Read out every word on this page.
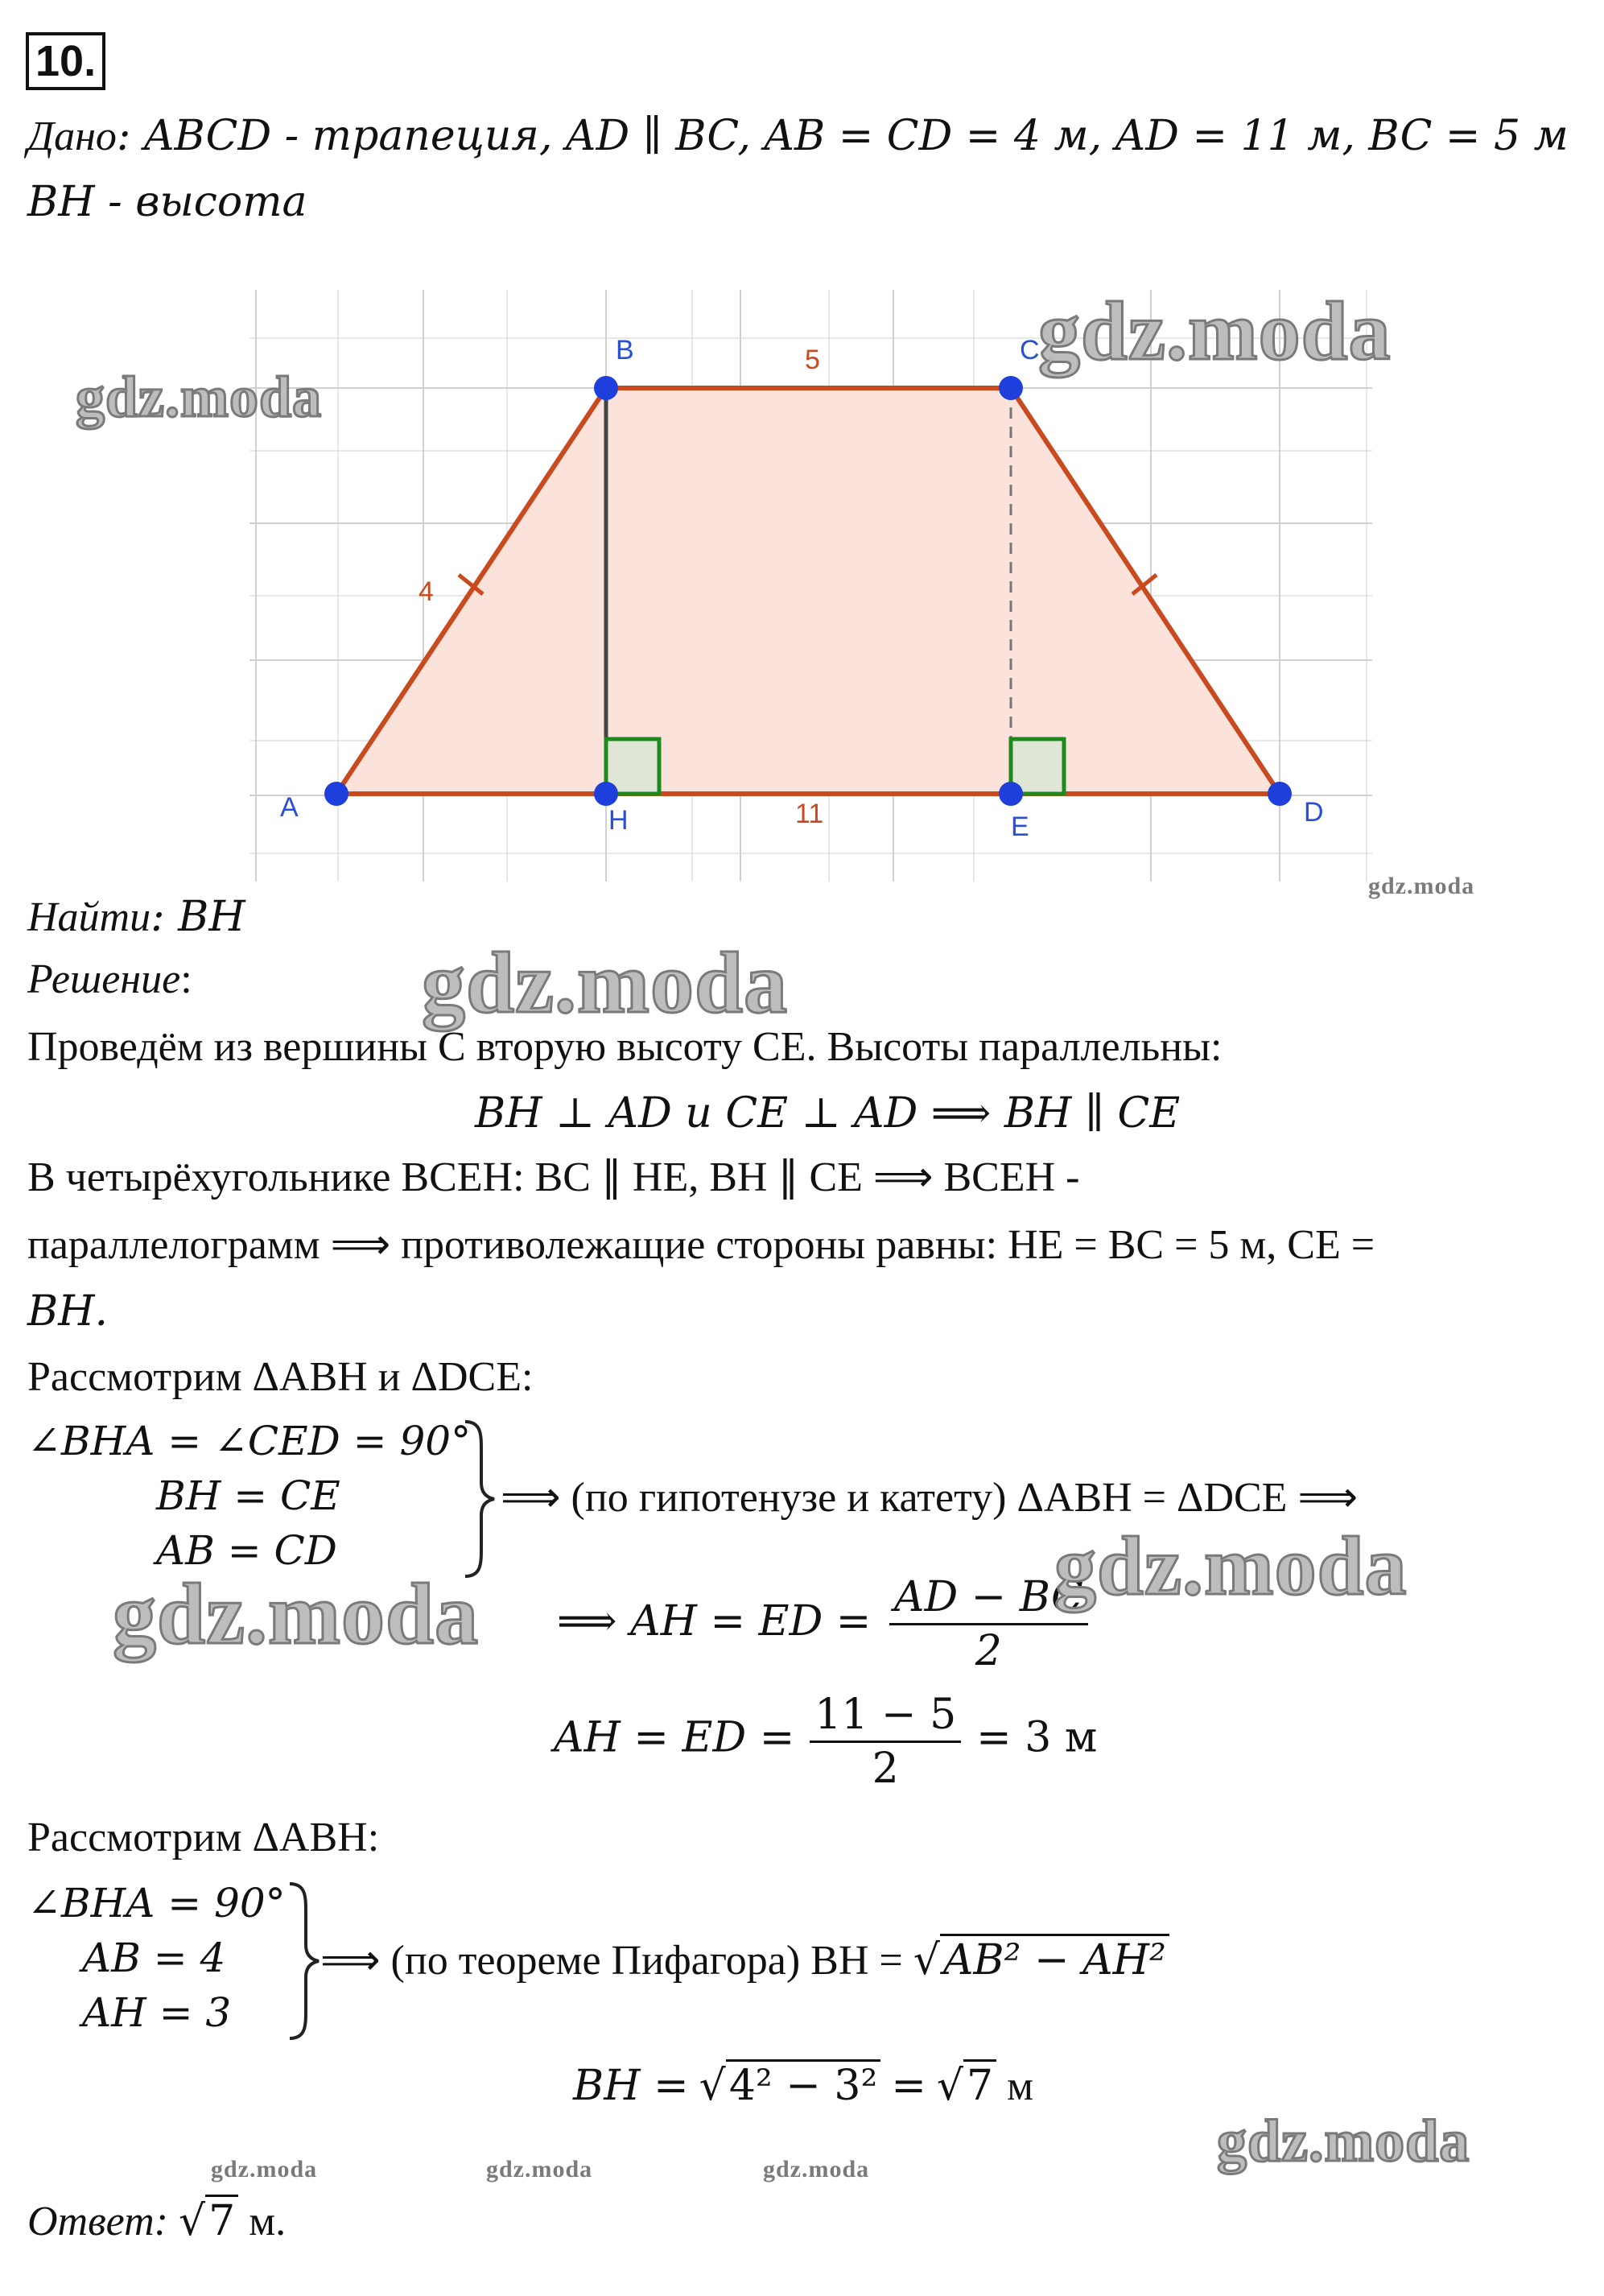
10.
Дано: ABCD - трапеция, AD ∥ BC, AB = CD = 4 м, AD = 11 м, BC = 5 м
BH - высота
A
B	C
D
H	E
4
5
11
Найти: BH
Решение:
Проведём из вершины C вторую высоту CE. Высоты параллельны:
BH ⊥ AD и CE ⊥ AD ⟹ BH ∥ CE
В четырёхугольнике BCEH: BC ∥ HE, BH ∥ CE ⟹ BCEH -
параллелограмм ⟹ противолежащие стороны равны: HE = BC = 5 м, CE =
BH.
Рассмотрим ΔABH и ΔDCE:
∠BHA = ∠CED = 90°
BH = CE
AB = CD
⟹ (по гипотенузе и катету) ΔABH = ΔDCE ⟹
⟹ AH = ED = $\frac{AD - BC}{2}$
AH = ED = $\frac{11 - 5}{2} = 3$ м
Рассмотрим ΔABH:
∠BHA = 90°
AB = 4
AH = 3
⟹ (по теореме Пифагора) BH = √AB² − AH²
BH = √4² − 3² = √7 м
Ответ: √7 м.
gdz.moda
gdz.moda
gdz.moda
gdz.moda
gdz.moda
gdz.moda
gdz.moda
gdz.moda	gdz.moda	gdz.moda
